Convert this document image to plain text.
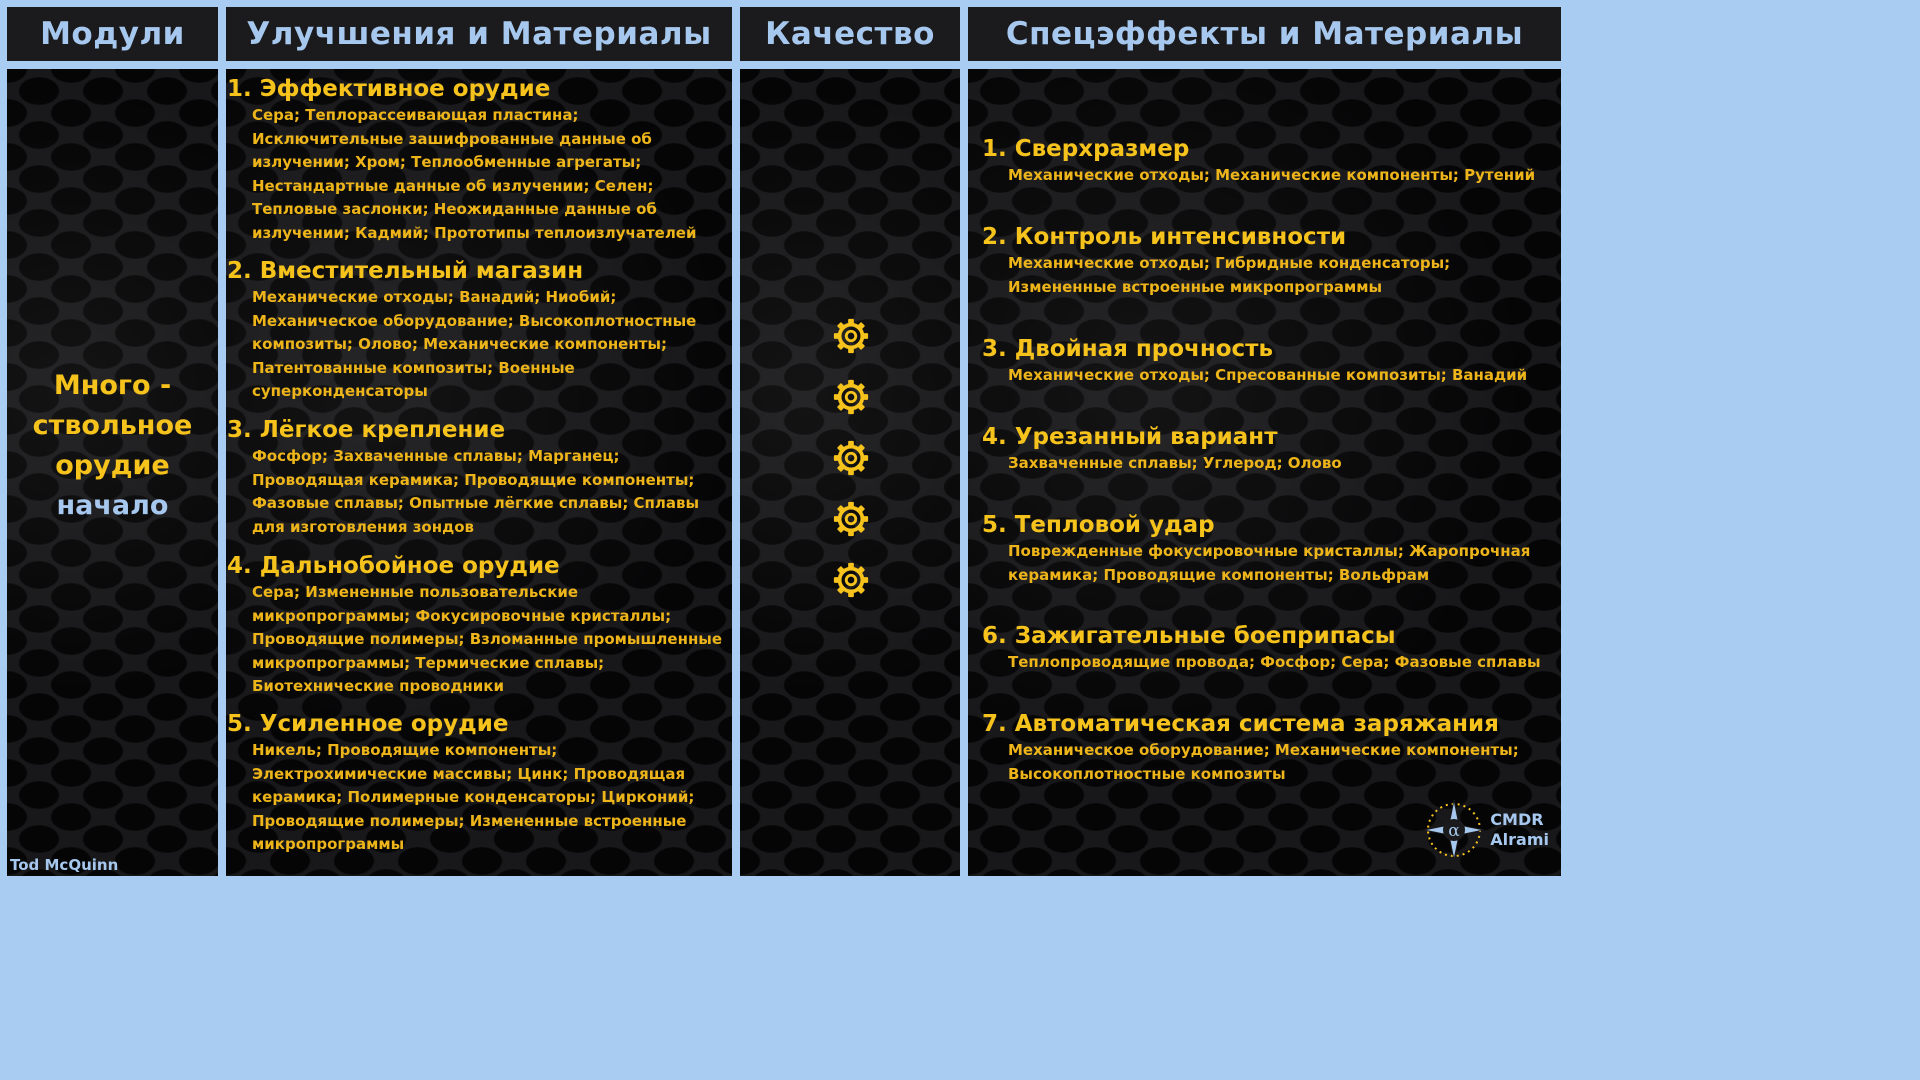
Модули	Улучшения и Материалы	Качество	Спецэффекты и Материалы
Много -
ствольное
орудие
начало
Tod McQuinn
1. Эффективное орудие
Сера; Теплорассеивающая пластина; Исключительные зашифрованные данные об излучении; Хром; Теплообменные агрегаты; Нестандартные данные об излучении; Селен; Тепловые заслонки; Неожиданные данные об излучении; Кадмий; Прототипы теплоизлучателей
2. Вместительный магазин
Механические отходы; Ванадий; Ниобий; Механическое оборудование; Высокоплотностные композиты; Олово; Механические компоненты; Патентованные композиты; Военные суперконденсаторы
3. Лёгкое крепление
Фосфор; Захваченные сплавы; Марганец; Проводящая керамика; Проводящие компоненты; Фазовые сплавы; Опытные лёгкие сплавы; Сплавы для изготовления зондов
4. Дальнобойное орудие
Сера; Измененные пользовательские микропрограммы; Фокусировочные кристаллы; Проводящие полимеры; Взломанные промышленные микропрограммы; Термические сплавы; Биотехнические проводники
5. Усиленное орудие
Никель; Проводящие компоненты; Электрохимические массивы; Цинк; Проводящая керамика; Полимерные конденсаторы; Цирконий; Проводящие полимеры; Измененные встроенные микропрограммы
1. Сверхразмер
Механические отходы; Механические компоненты; Рутений
2. Контроль интенсивности
Механические отходы; Гибридные конденсаторы; Измененные встроенные микропрограммы
3. Двойная прочность
Механические отходы; Спресованные композиты; Ванадий
4. Урезанный вариант
Захваченные сплавы; Углерод; Олово
5. Тепловой удар
Поврежденные фокусировочные кристаллы; Жаропрочная керамика; Проводящие компоненты; Вольфрам
6. Зажигательные боеприпасы
Теплопроводящие провода; Фосфор; Сера; Фазовые сплавы
7. Автоматическая система заряжания
Механическое оборудование; Механические компоненты; Высокоплотностные композиты
α
CMDR
Alrami
